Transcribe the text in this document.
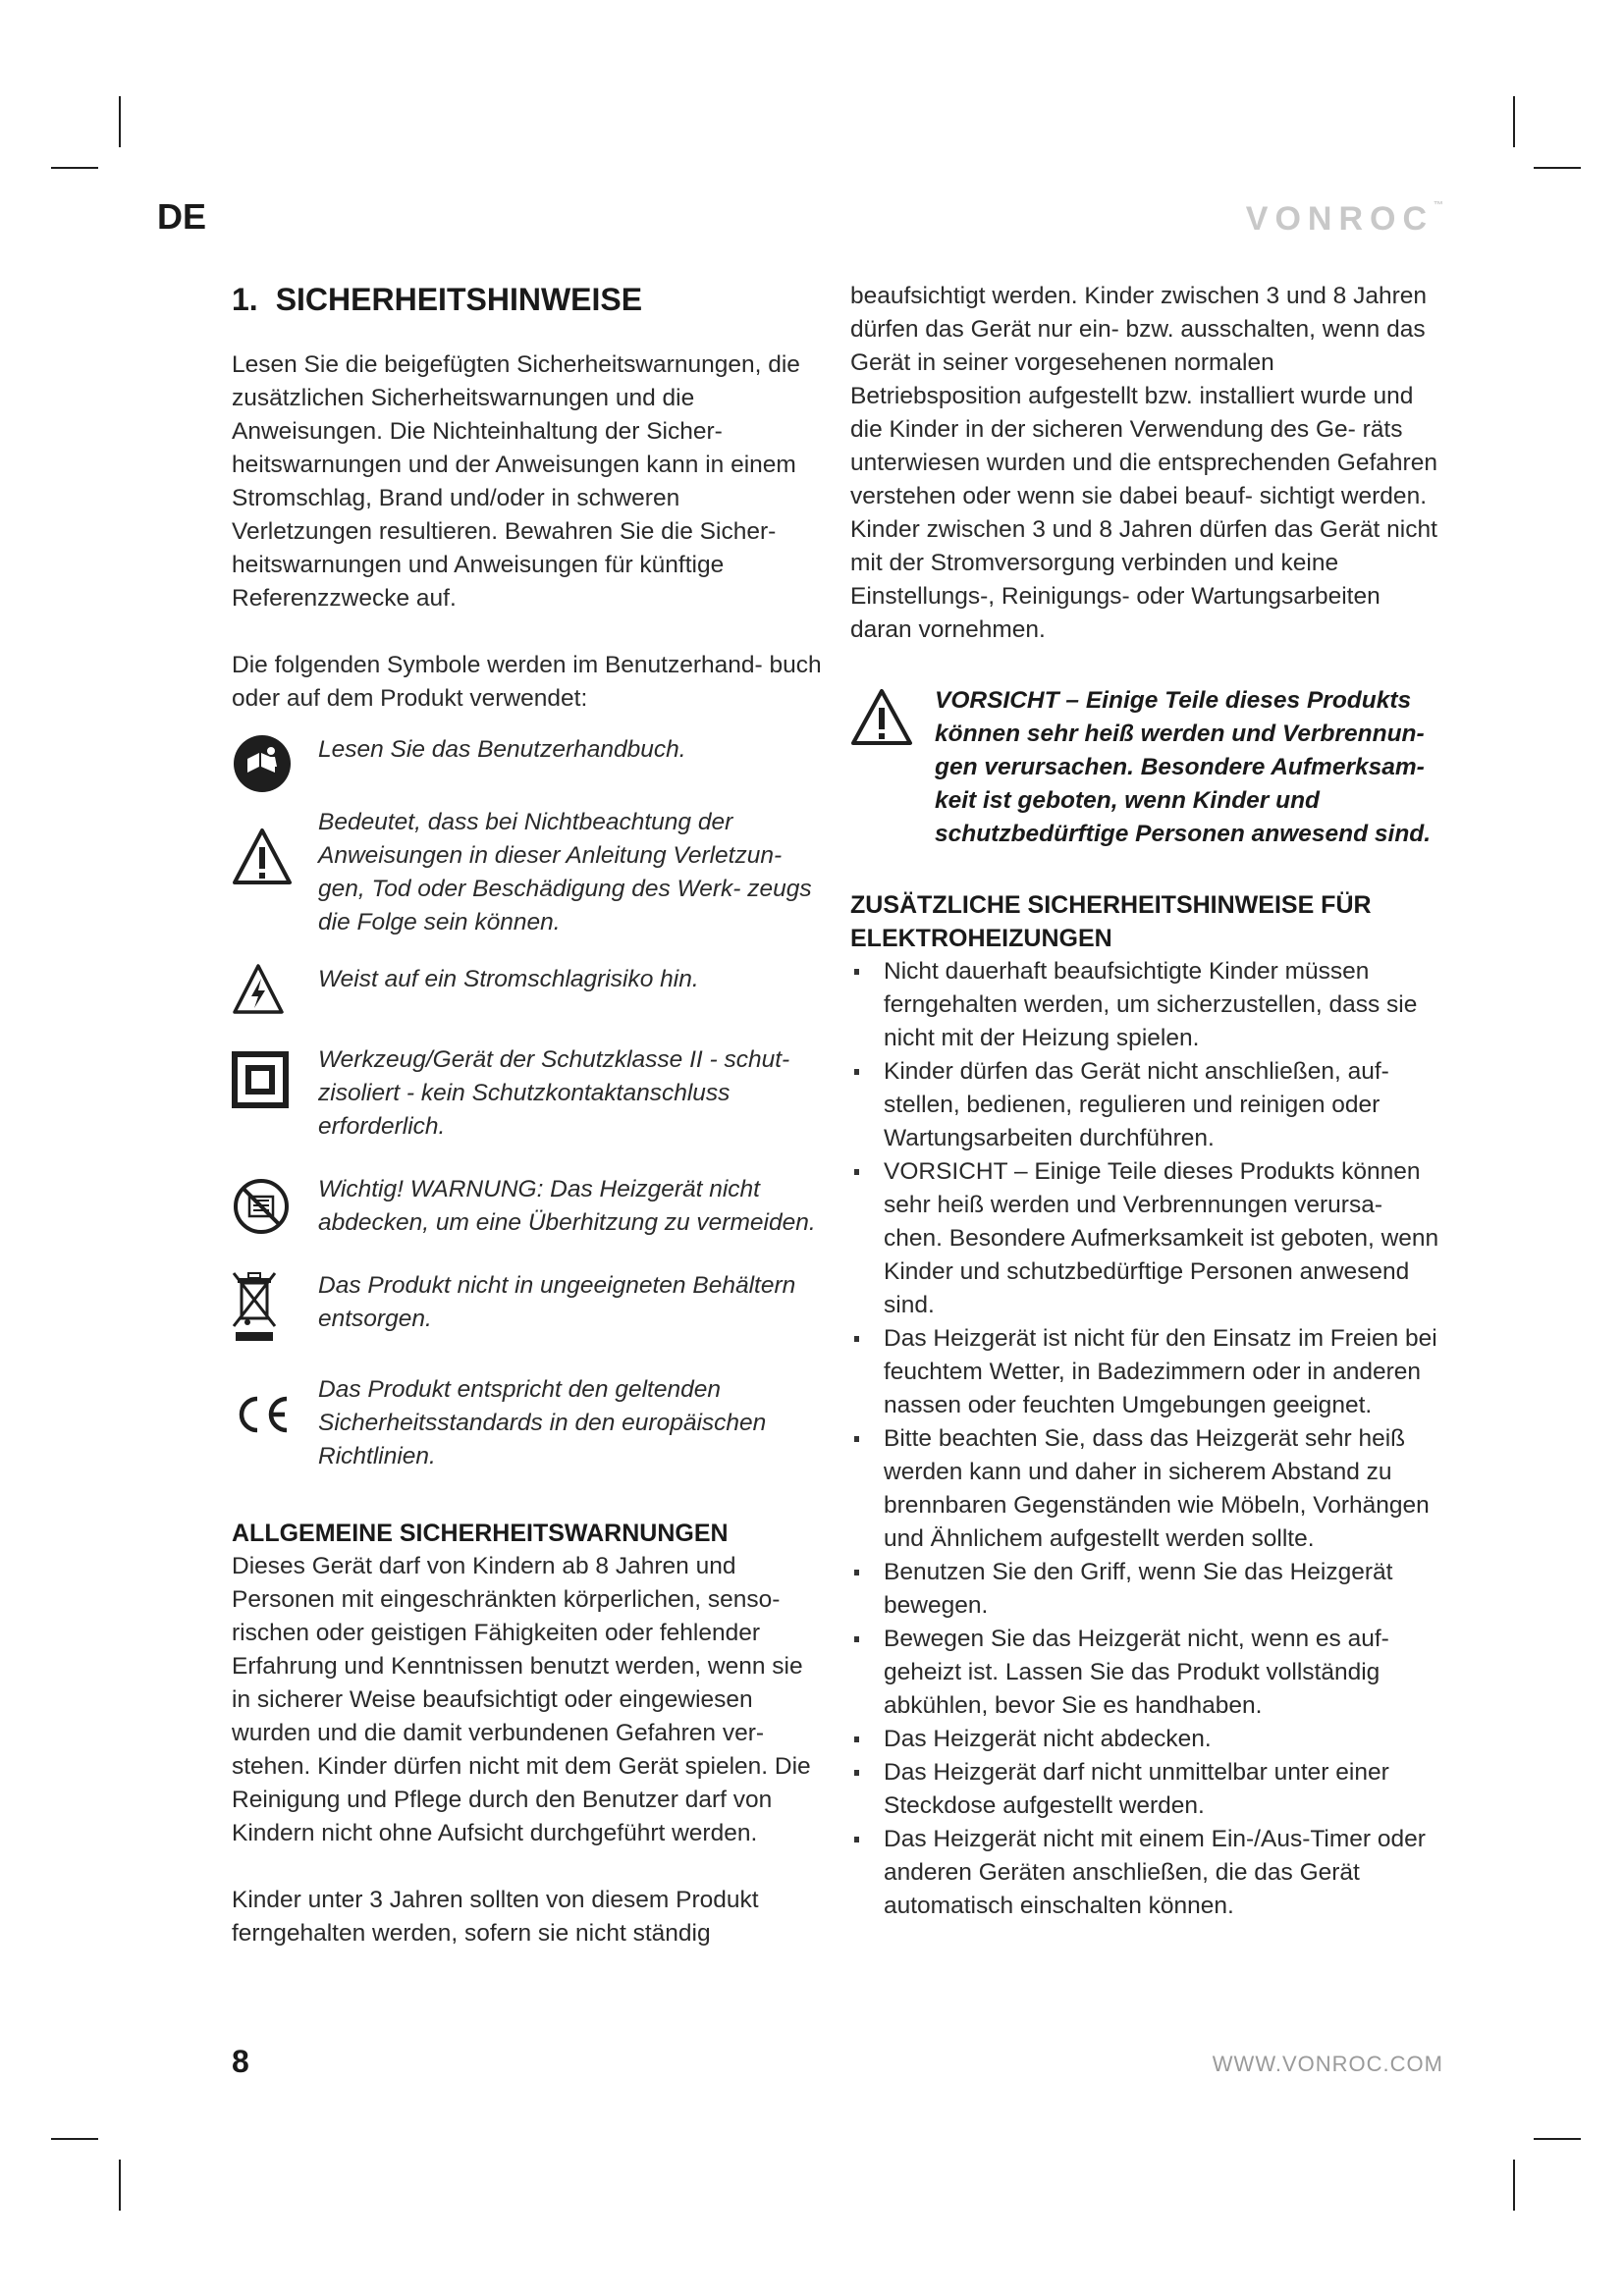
DE	VONROC™
1. SICHERHEITSHINWEISE

Lesen Sie die beigefügten Sicherheitswarnungen, die zusätzlichen Sicherheitswarnungen und die Anweisungen. Die Nichteinhaltung der Sicher- heitswarnungen und der Anweisungen kann in einem Stromschlag, Brand und/oder in schweren Verletzungen resultieren. Bewahren Sie die Sicher- heitswarnungen und Anweisungen für künftige Referenzzwecke auf.

Die folgenden Symbole werden im Benutzerhand- buch oder auf dem Produkt verwendet:

Lesen Sie das Benutzerhandbuch.
Bedeutet, dass bei Nichtbeachtung der Anweisungen in dieser Anleitung Verletzun- gen, Tod oder Beschädigung des Werk- zeugs die Folge sein können.
Weist auf ein Stromschlagrisiko hin.
Werkzeug/Gerät der Schutzklasse II - schut- zisoliert - kein Schutzkontaktanschluss erforderlich.
Wichtig! WARNUNG: Das Heizgerät nicht abdecken, um eine Überhitzung zu vermeiden.
Das Produkt nicht in ungeeigneten Behältern entsorgen.
Das Produkt entspricht den geltenden Sicherheitsstandards in den europäischen Richtlinien.
ALLGEMEINE SICHERHEITSWARNUNGEN

Dieses Gerät darf von Kindern ab 8 Jahren und Personen mit eingeschränkten körperlichen, senso- rischen oder geistigen Fähigkeiten oder fehlender Erfahrung und Kenntnissen benutzt werden, wenn sie in sicherer Weise beaufsichtigt oder eingewiesen wurden und die damit verbundenen Gefahren ver- stehen. Kinder dürfen nicht mit dem Gerät spielen. Die Reinigung und Pflege durch den Benutzer darf von Kindern nicht ohne Aufsicht durchgeführt werden.

Kinder unter 3 Jahren sollten von diesem Produkt ferngehalten werden, sofern sie nicht ständig

beaufsichtigt werden. Kinder zwischen 3 und 8 Jahren dürfen das Gerät nur ein- bzw. ausschalten, wenn das Gerät in seiner vorgesehenen normalen Betriebsposition aufgestellt bzw. installiert wurde und die Kinder in der sicheren Verwendung des Ge- räts unterwiesen wurden und die entsprechenden Gefahren verstehen oder wenn sie dabei beauf- sichtigt werden. Kinder zwischen 3 und 8 Jahren dürfen das Gerät nicht mit der Stromversorgung verbinden und keine Einstellungs-, Reinigungs- oder Wartungsarbeiten daran vornehmen.

VORSICHT – Einige Teile dieses Produkts können sehr heiß werden und Verbrennun- gen verursachen. Besondere Aufmerksam- keit ist geboten, wenn Kinder und schutzbedürftige Personen anwesend sind.
ZUSÄTZLICHE SICHERHEITSHINWEISE FÜR ELEKTROHEIZUNGEN
Nicht dauerhaft beaufsichtigte Kinder müssen ferngehalten werden, um sicherzustellen, dass sie nicht mit der Heizung spielen.
Kinder dürfen das Gerät nicht anschließen, auf- stellen, bedienen, regulieren und reinigen oder Wartungsarbeiten durchführen.
VORSICHT – Einige Teile dieses Produkts können sehr heiß werden und Verbrennungen verursa- chen. Besondere Aufmerksamkeit ist geboten, wenn Kinder und schutzbedürftige Personen anwesend sind.
Das Heizgerät ist nicht für den Einsatz im Freien bei feuchtem Wetter, in Badezimmern oder in anderen nassen oder feuchten Umgebungen geeignet.
Bitte beachten Sie, dass das Heizgerät sehr heiß werden kann und daher in sicherem Abstand zu brennbaren Gegenständen wie Möbeln, Vorhängen und Ähnlichem aufgestellt werden sollte.
Benutzen Sie den Griff, wenn Sie das Heizgerät bewegen.
Bewegen Sie das Heizgerät nicht, wenn es auf- geheizt ist. Lassen Sie das Produkt vollständig abkühlen, bevor Sie es handhaben.
Das Heizgerät nicht abdecken.
Das Heizgerät darf nicht unmittelbar unter einer Steckdose aufgestellt werden.
Das Heizgerät nicht mit einem Ein-/Aus-Timer oder anderen Geräten anschließen, die das Gerät automatisch einschalten können.
8	WWW.VONROC.COM
